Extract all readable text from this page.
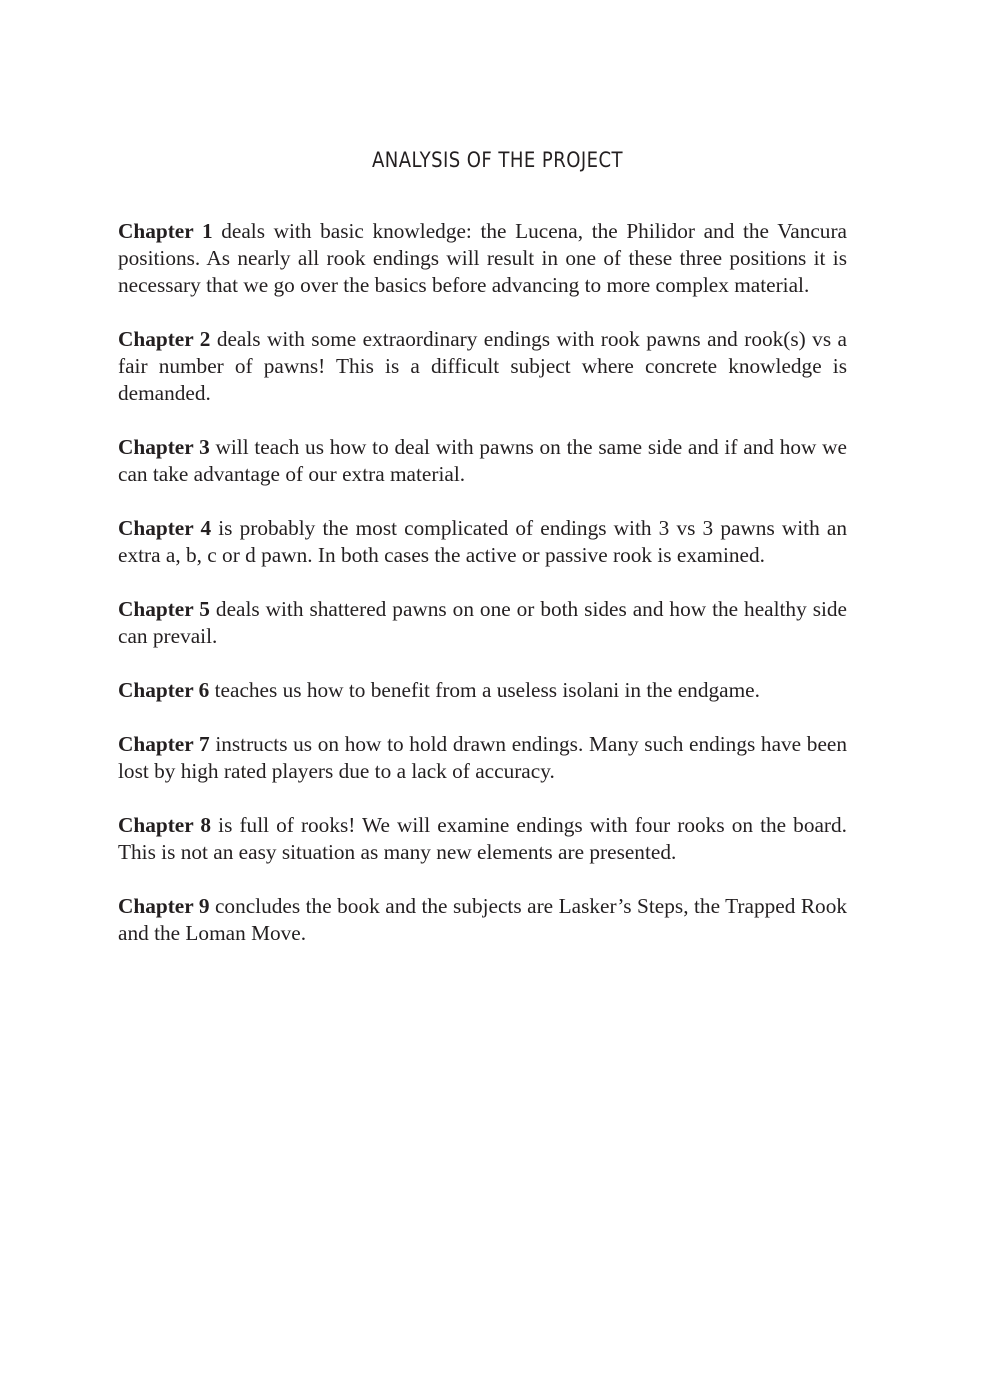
ANALYSIS OF THE PROJECT

Chapter 1 deals with basic knowledge: the Lucena, the Philidor and the Vancura positions. As nearly all rook endings will result in one of these three positions it is necessary that we go over the basics before advancing to more complex material.

Chapter 2 deals with some extraordinary endings with rook pawns and rook(s) vs a fair number of pawns! This is a difficult subject where concrete knowledge is demanded.

Chapter 3 will teach us how to deal with pawns on the same side and if and how we can take advantage of our extra material.

Chapter 4 is probably the most complicated of endings with 3 vs 3 pawns with an extra a, b, c or d pawn. In both cases the active or passive rook is examined.

Chapter 5 deals with shattered pawns on one or both sides and how the healthy side can prevail.

Chapter 6 teaches us how to benefit from a useless isolani in the endgame.

Chapter 7 instructs us on how to hold drawn endings. Many such endings have been lost by high rated players due to a lack of accuracy.

Chapter 8 is full of rooks! We will examine endings with four rooks on the board. This is not an easy situation as many new elements are presented.

Chapter 9 concludes the book and the subjects are Lasker’s Steps, the Trapped Rook and the Loman Move.
